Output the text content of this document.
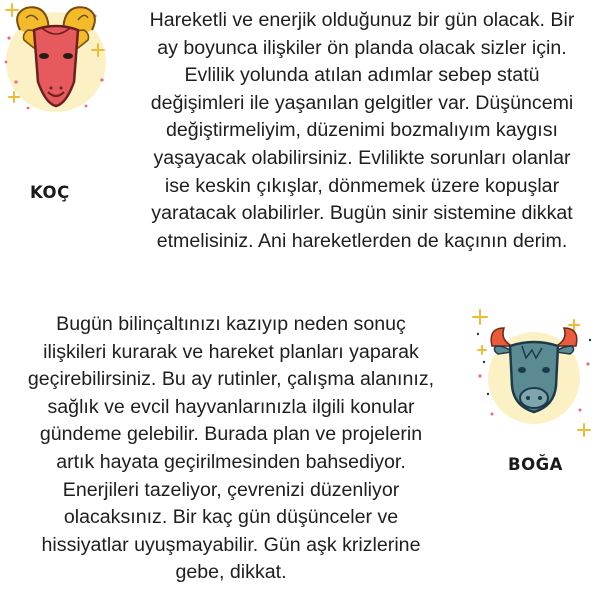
KOÇ
Hareketli ve enerjik olduğunuz bir gün olacak. Bir
ay boyunca ilişkiler ön planda olacak sizler için.
Evlilik yolunda atılan adımlar sebep statü
değişimleri ile yaşanılan gelgitler var. Düşüncemi
değiştirmeliyim, düzenimi bozmalıyım kaygısı
yaşayacak olabilirsiniz. Evlilikte sorunları olanlar
ise keskin çıkışlar, dönmemek üzere kopuşlar
yaratacak olabilirler. Bugün sinir sistemine dikkat
etmelisiniz. Ani hareketlerden de kaçının derim.
Bugün bilinçaltınızı kazıyıp neden sonuç
ilişkileri kurarak ve hareket planları yaparak
geçirebilirsiniz. Bu ay rutinler, çalışma alanınız,
sağlık ve evcil hayvanlarınızla ilgili konular
gündeme gelebilir. Burada plan ve projelerin
artık hayata geçirilmesinden bahsediyor.
Enerjileri tazeliyor, çevrenizi düzenliyor
olacaksınız. Bir kaç gün düşünceler ve
hissiyatlar uyuşmayabilir. Gün aşk krizlerine
gebe, dikkat.
BOĞA
